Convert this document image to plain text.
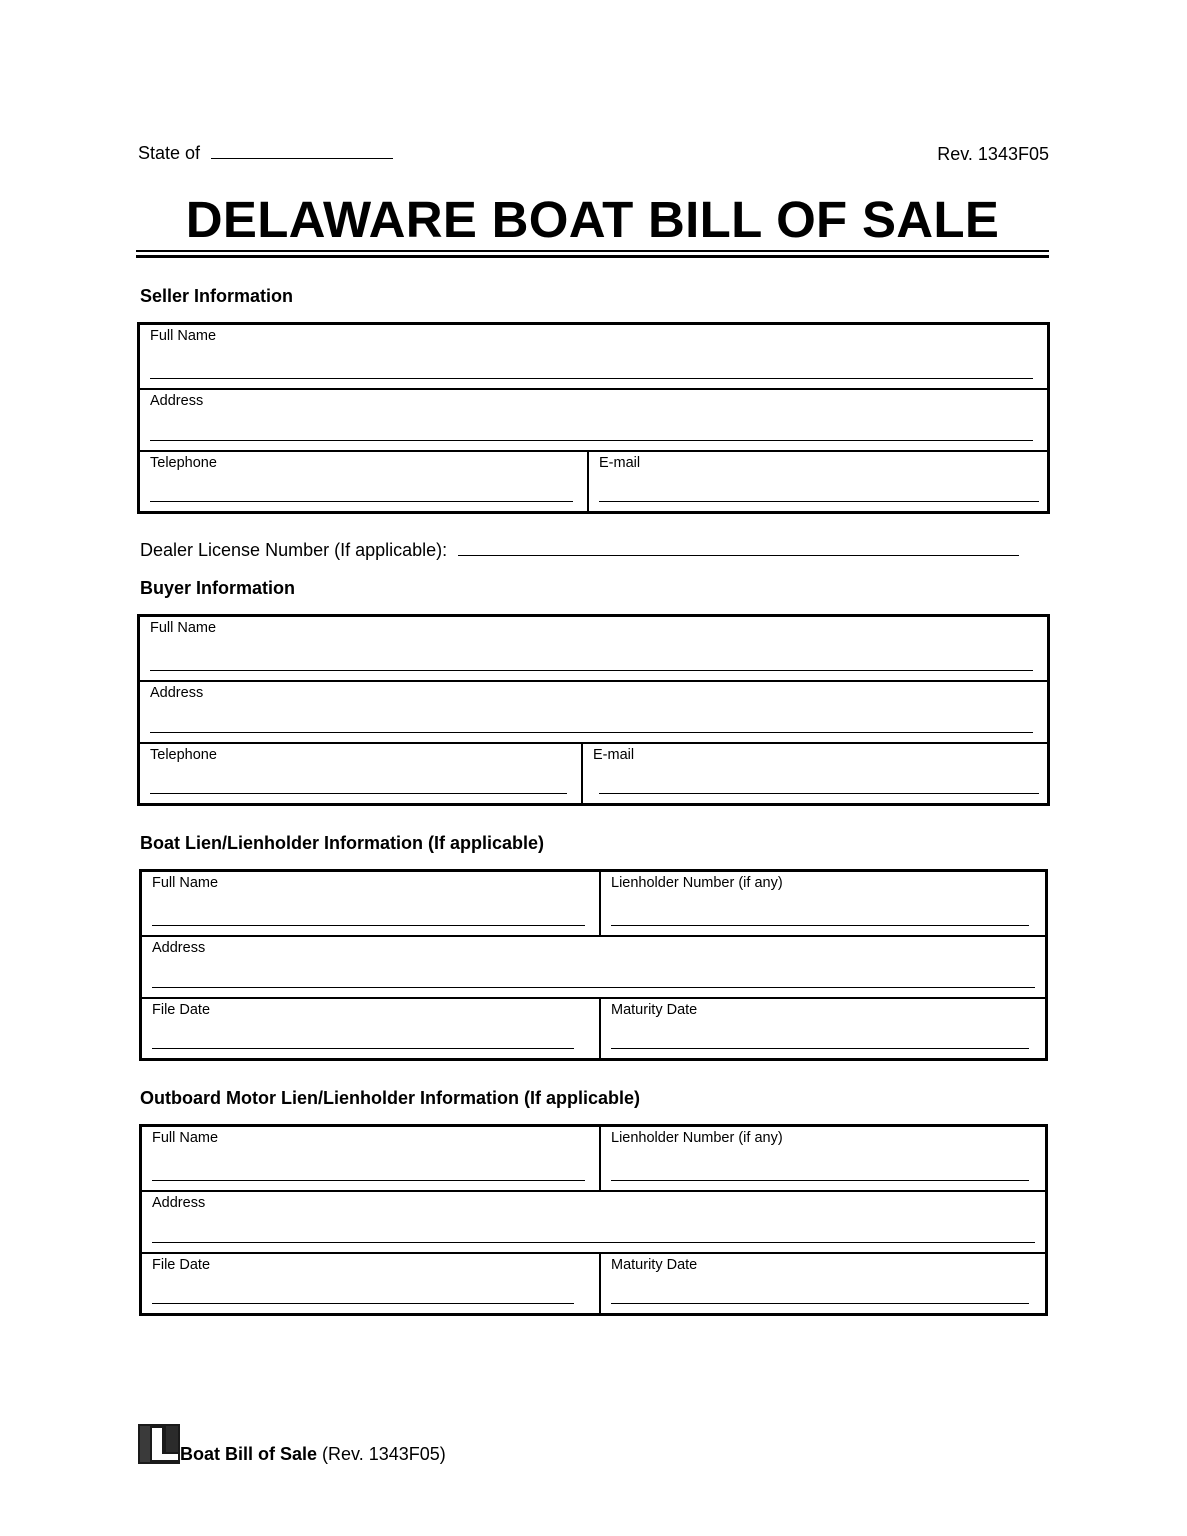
State of	Rev. 1343F05
DELAWARE BOAT BILL OF SALE
Seller Information
Full Name
Address
Telephone	E-mail
Dealer License Number (If applicable):
Buyer Information
Full Name
Address
Telephone	E-mail
Boat Lien/Lienholder Information (If applicable)
Full Name	Lienholder Number (if any)
Address
File Date	Maturity Date
Outboard Motor Lien/Lienholder Information (If applicable)
Full Name	Lienholder Number (if any)
Address
File Date	Maturity Date
Boat Bill of Sale (Rev. 1343F05)
